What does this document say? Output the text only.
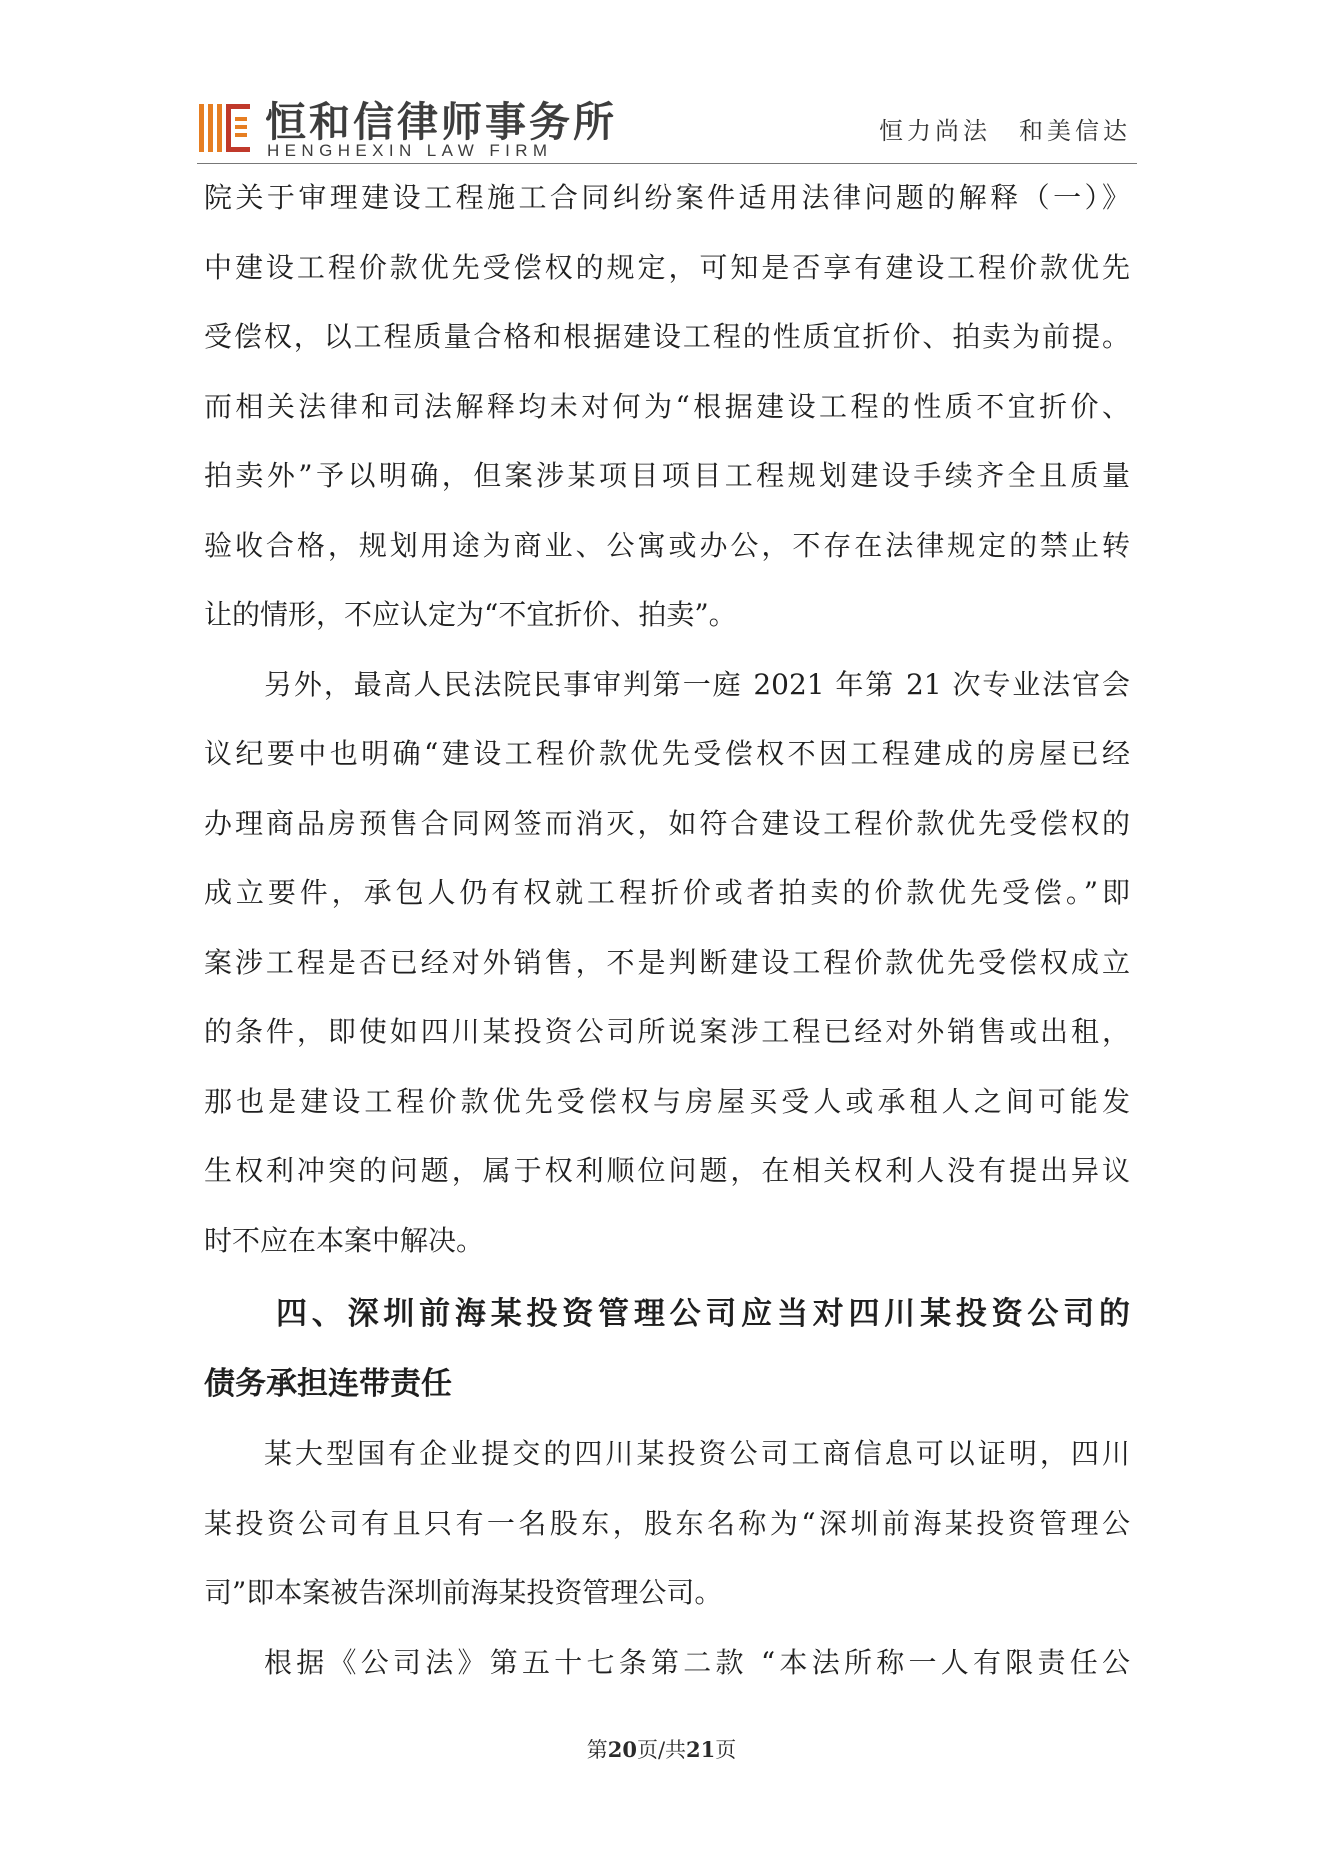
恒和信律师事务所
HENGHEXIN LAW FIRM
恒力尚法　和美信达
院关于审理建设工程施工合同纠纷案件适用法律问题的解释（一）》
中建设工程价款优先受偿权的规定，可知是否享有建设工程价款优先
受偿权，以工程质量合格和根据建设工程的性质宜折价、拍卖为前提。
而相关法律和司法解释均未对何为“根据建设工程的性质不宜折价、
拍卖外”予以明确，但案涉某项目项目工程规划建设手续齐全且质量
验收合格，规划用途为商业、公寓或办公，不存在法律规定的禁止转
让的情形，不应认定为“不宜折价、拍卖”。
另外，最高人民法院民事审判第一庭 2021 年第 21 次专业法官会
议纪要中也明确“建设工程价款优先受偿权不因工程建成的房屋已经
办理商品房预售合同网签而消灭，如符合建设工程价款优先受偿权的
成立要件，承包人仍有权就工程折价或者拍卖的价款优先受偿。”即
案涉工程是否已经对外销售，不是判断建设工程价款优先受偿权成立
的条件，即使如四川某投资公司所说案涉工程已经对外销售或出租，
那也是建设工程价款优先受偿权与房屋买受人或承租人之间可能发
生权利冲突的问题，属于权利顺位问题，在相关权利人没有提出异议
时不应在本案中解决。
四、深圳前海某投资管理公司应当对四川某投资公司的
债务承担连带责任
某大型国有企业提交的四川某投资公司工商信息可以证明，四川
某投资公司有且只有一名股东，股东名称为“深圳前海某投资管理公
司”即本案被告深圳前海某投资管理公司。
根据《公司法》第五十七条第二款 “本法所称一人有限责任公
第20页/共21页
